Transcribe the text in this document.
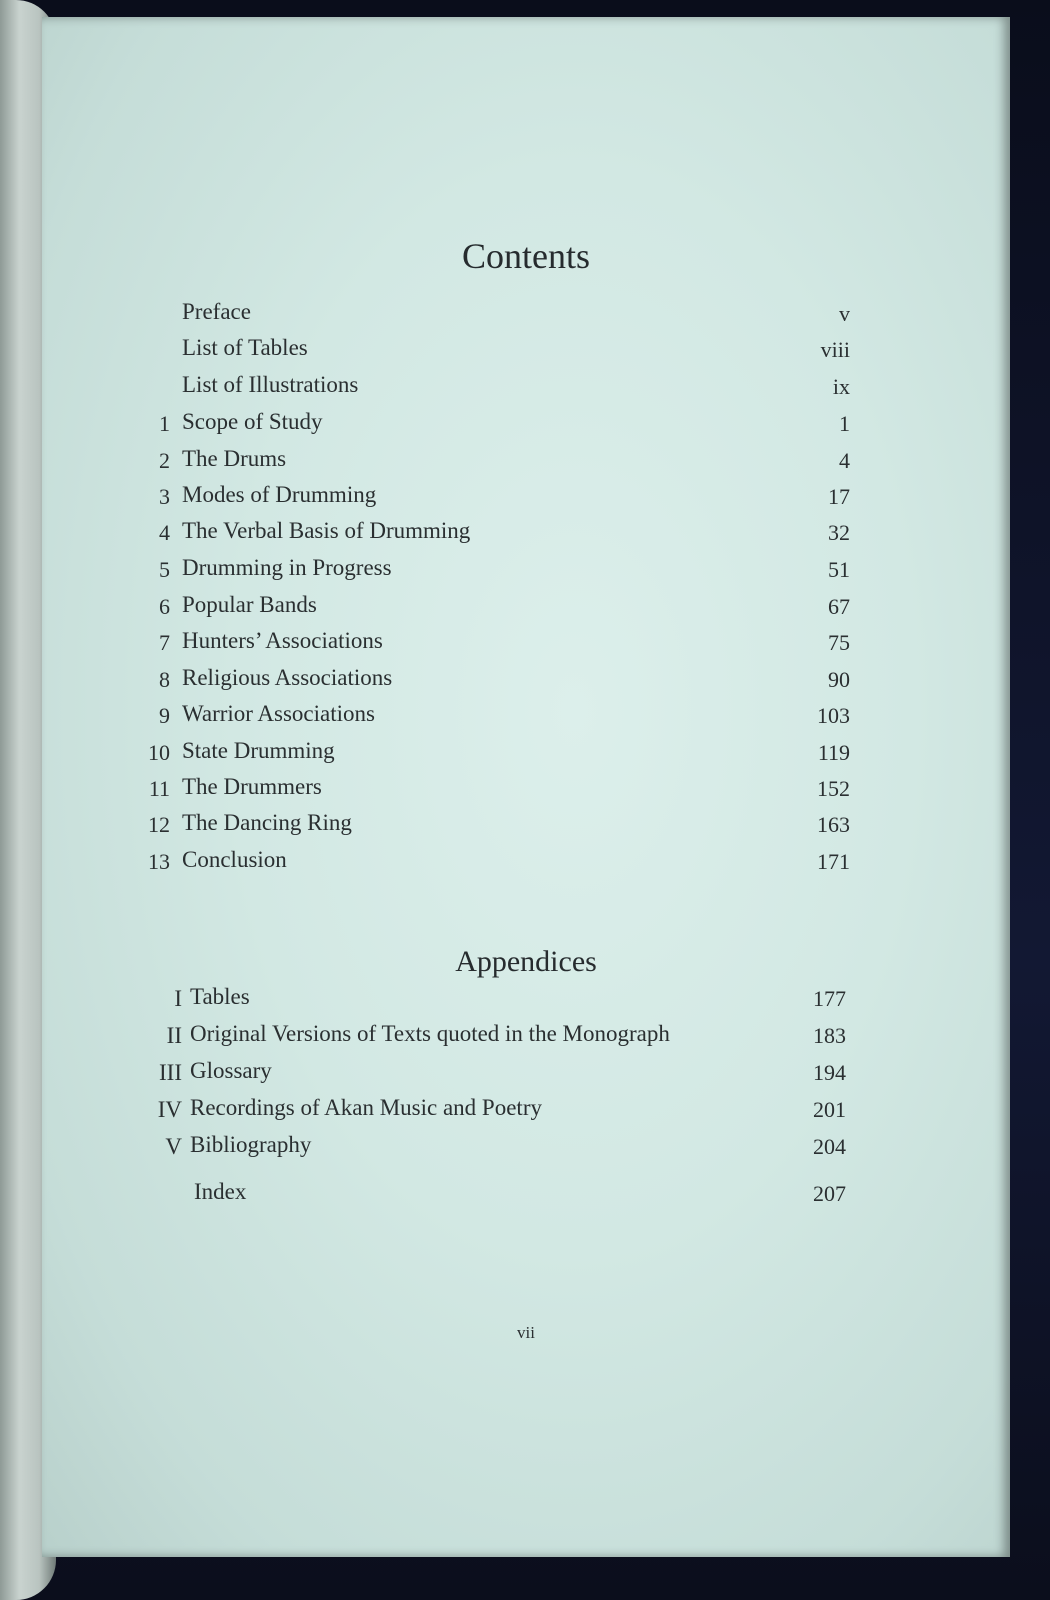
Contents
Preface	v
List of Tables	viii
List of Illustrations	ix
1 Scope of Study	1
2 The Drums	4
3 Modes of Drumming	17
4 The Verbal Basis of Drumming	32
5 Drumming in Progress	51
6 Popular Bands	67
7 Hunters’ Associations	75
8 Religious Associations	90
9 Warrior Associations	103
10 State Drumming	119
11 The Drummers	152
12 The Dancing Ring	163
13 Conclusion	171
Appendices
I Tables	177
II Original Versions of Texts quoted in the Monograph	183
III Glossary	194
IV Recordings of Akan Music and Poetry	201
V Bibliography	204
Index	207
vii
